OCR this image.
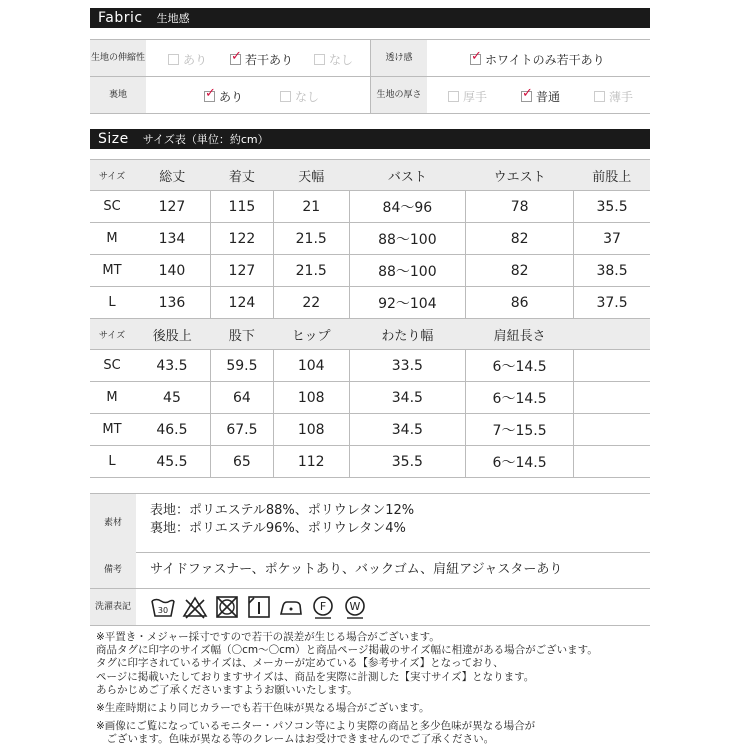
Fabric 生地感
生地の伸縮性	あり ✓	若干あり	なし	透け感 ✓	ホワイトのみ若干あり
裏地 ✓	あり	なし	生地の厚さ	厚手 ✓	普通	薄手
Size サイズ表（単位：約cm）
サイズ	総丈	着丈	天幅	バスト	ウエスト	前股上
SC	127	115	21	84～96	78	35.5
M	134	122	21.5	88～100	82	37
MT	140	127	21.5	88～100	82	38.5
L	136	124	22	92～104	86	37.5
サイズ	後股上	股下	ヒップ	わたり幅	肩紐長さ	
SC	43.5	59.5	104	33.5	6～14.5	
M	45	64	108	34.5	6～14.5	
MT	46.5	67.5	108	34.5	7～15.5	
L	45.5	65	112	35.5	6～14.5	
素材
表地：ポリエステル88%、ポリウレタン12%
裏地：ポリエステル96%、ポリウレタン4%
備考	サイドファスナー、ポケットあり、バックゴム、肩紐アジャスターあり
洗濯表記	30	F W

※平置き・メジャー採寸ですので若干の誤差が生じる場合がございます。

商品タグに印字のサイズ幅（〇cm～〇cm）と商品ページ掲載のサイズ幅に相違がある場合がございます。

タグに印字されているサイズは、メーカーが定めている【参考サイズ】となっており、

ページに掲載いたしておりますサイズは、商品を実際に計測した【実寸サイズ】となります。

あらかじめご了承くださいますようお願いいたします。

※生産時期により同じカラーでも若干色味が異なる場合がございます。

※画像にご覧になっているモニター・パソコン等により実際の商品と多少色味が異なる場合が

　ございます。色味が異なる等のクレームはお受けできませんのでご了承ください。
